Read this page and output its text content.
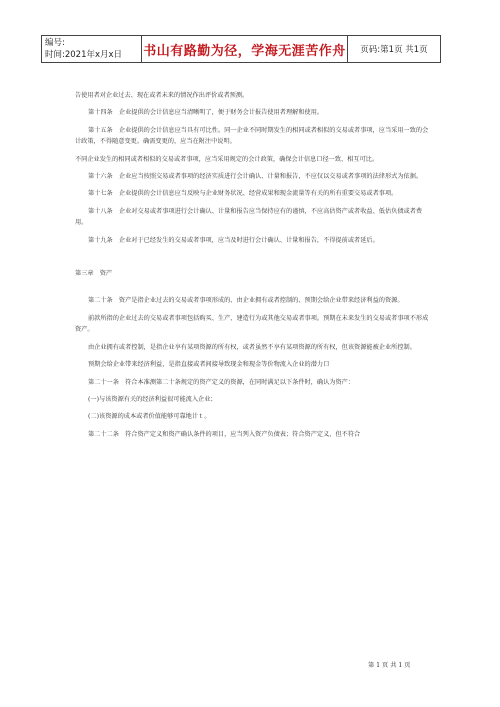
编号:
时间:2021年x月x日	书山有路勤为径，学海无涯苦作舟	页码:第1页 共1页

告使用者对企业过去、现在或者未来的情况作出评价或者预测。

第十四条　企业提供的会计信息应当清晰明了，便于财务会计报告使用者理解和使用。

第十五条　企业提供的会计信息应当具有可比性。同一企业不同时期发生的相同或者相似的交易或者事项，应当采用一致的会计政策，不得随意变更。确需变更的，应当在附注中说明。

不同企业发生的相同或者相似的交易或者事项，应当采用规定的会计政策，确保会计信息口径一致、相互可比。

第十六条　企业应当按照交易或者事项的经济实质进行会计确认、计量和报告，不应仅以交易或者事项的法律形式为依据。

第十七条　企业提供的会计信息应当反映与企业财务状况、经营成果和现金流量等有关的所有重要交易或者事项。

第十八条　企业对交易或者事项进行会计确认、计量和报告应当保持应有的谨慎，不应高估资产或者收益、低估负债或者费用。

第十九条　企业对于已经发生的交易或者事项，应当及时进行会计确认、计量和报告，不得提前或者延后。

第三章　资产

第二十条　资产是指企业过去的交易或者事项形成的、由企业拥有或者控制的、预期会给企业带来经济利益的资源。

前款所指的企业过去的交易或者事项包括购买、生产、建造行为或其他交易或者事项。预期在未来发生的交易或者事项不形成资产。

由企业拥有或者控制，是指企业享有某项资源的所有权，或者虽然不享有某项资源的所有权，但该资源能被企业所控制。

预期会给企业带来经济利益，是指直接或者间接导致现金和现金等价物流入企业的潜力口

第二十一条　符合本准测第二十条规定的资产定义的资源，在同时满足以下条件时，确认为资产：

(一)与该资源有关的经济利益很可能流入企业；

(二)该资源的成本或者价值能够可靠地计ｔ。

第二十二条　符合资产定义和资产确认条件的项目，应当列入资产负债表；符合资产定义、但不符合

第 1 页 共 1 页
